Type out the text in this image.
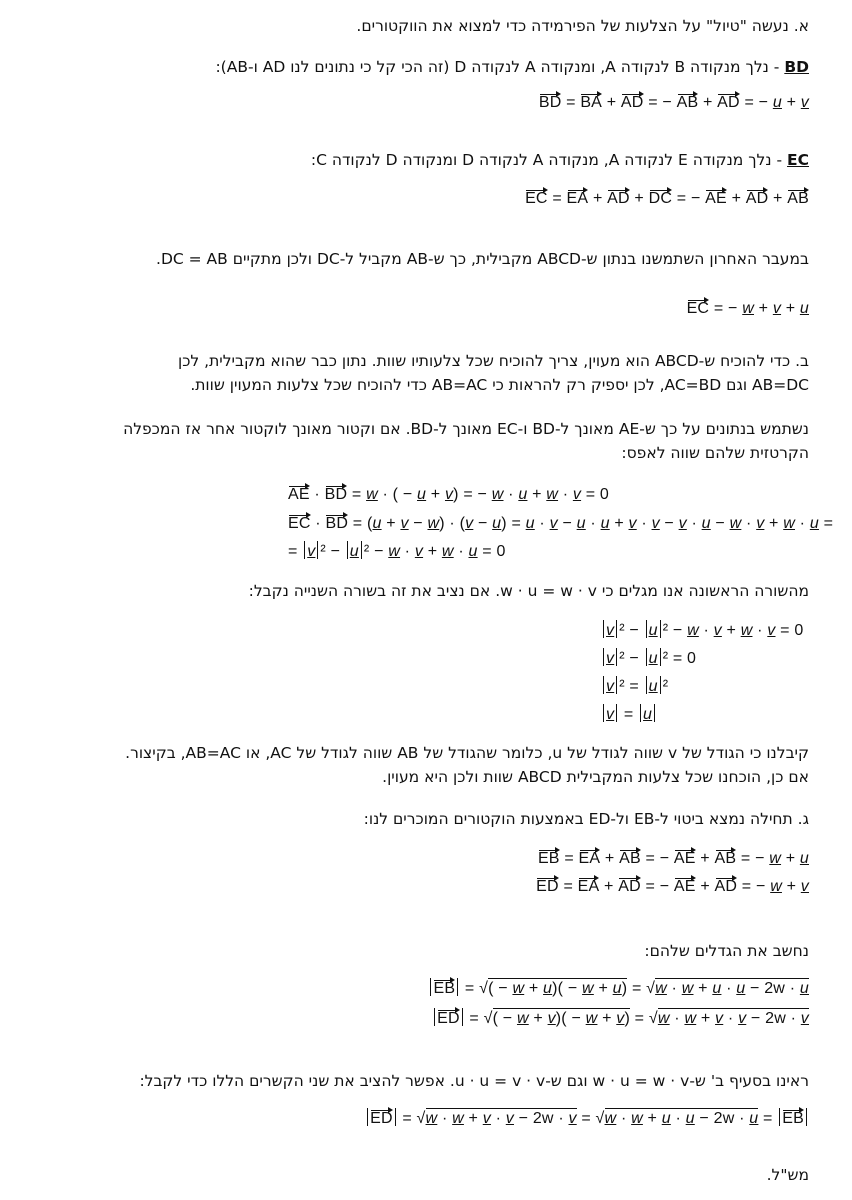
א. נעשה "טיול" על הצלעות של הפירמידה כדי למצוא את הווקטורים.
BD - נלך מנקודה B לנקודה A, ומנקודה A לנקודה D (זה הכי קל כי נתונים לנו AD ו-AB):
BD = BA + AD = − AB + AD = − u + v
EC - נלך מנקודה E לנקודה A, מנקודה A לנקודה D ומנקודה D לנקודה C:
EC = EA + AD + DC = − AE + AD + AB
במעבר האחרון השתמשנו בנתון ש-ABCD מקבילית, כך ש-AB מקביל ל-DC ולכן מתקיים DC = AB.
EC = − w + v + u
ב. כדי להוכיח ש-ABCD הוא מעוין, צריך להוכיח שכל צלעותיו שוות. נתון כבר שהוא מקבילית, לכן
AB=DC וגם AC=BD, לכן יספיק רק להראות כי AB=AC כדי להוכיח שכל צלעות המעוין שוות.
נשתמש בנתונים על כך ש-AE מאונך ל-BD ו-EC מאונך ל-BD. אם וקטור מאונך לוקטור אחר אז המכפלה
הקרטזית שלהם שווה לאפס:
AE · BD = w · ( − u + v) = − w · u + w · v = 0
EC · BD = (u + v − w) · (v − u) = u · v − u · u + v · v − v · u − w · v + w · u =
= v ² − u ² − w · v + w · u = 0
מהשורה הראשונה אנו מגלים כי w · u = w · v. אם נציב את זה בשורה השנייה נקבל:
v ² − u ² − w · v + w · v = 0
v ² − u ² = 0
v ² = u ²
v = u
קיבלנו כי הגודל של v שווה לגודל של u, כלומר שהגודל של AB שווה לגודל של AC, או AB=AC, בקיצור.
אם כן, הוכחנו שכל צלעות המקבילית ABCD שוות ולכן היא מעוין.
ג. תחילה נמצא ביטוי ל-EB ול-ED באמצעות הוקטורים המוכרים לנו:
EB = EA + AB = − AE + AB = − w + u
ED = EA + AD = − AE + AD = − w + v
נחשב את הגדלים שלהם:
EB = √( − w + u)( − w + u) = √w · w + u · u − 2w · u
ED = √( − w + v)( − w + v) = √w · w + v · v − 2w · v
ראינו בסעיף ב' ש-w · u = w · v וגם ש-u · u = v · v. אפשר להציב את שני הקשרים הללו כדי לקבל:
ED = √w · w + v · v − 2w · v = √w · w + u · u − 2w · u = EB
מש"ל.
